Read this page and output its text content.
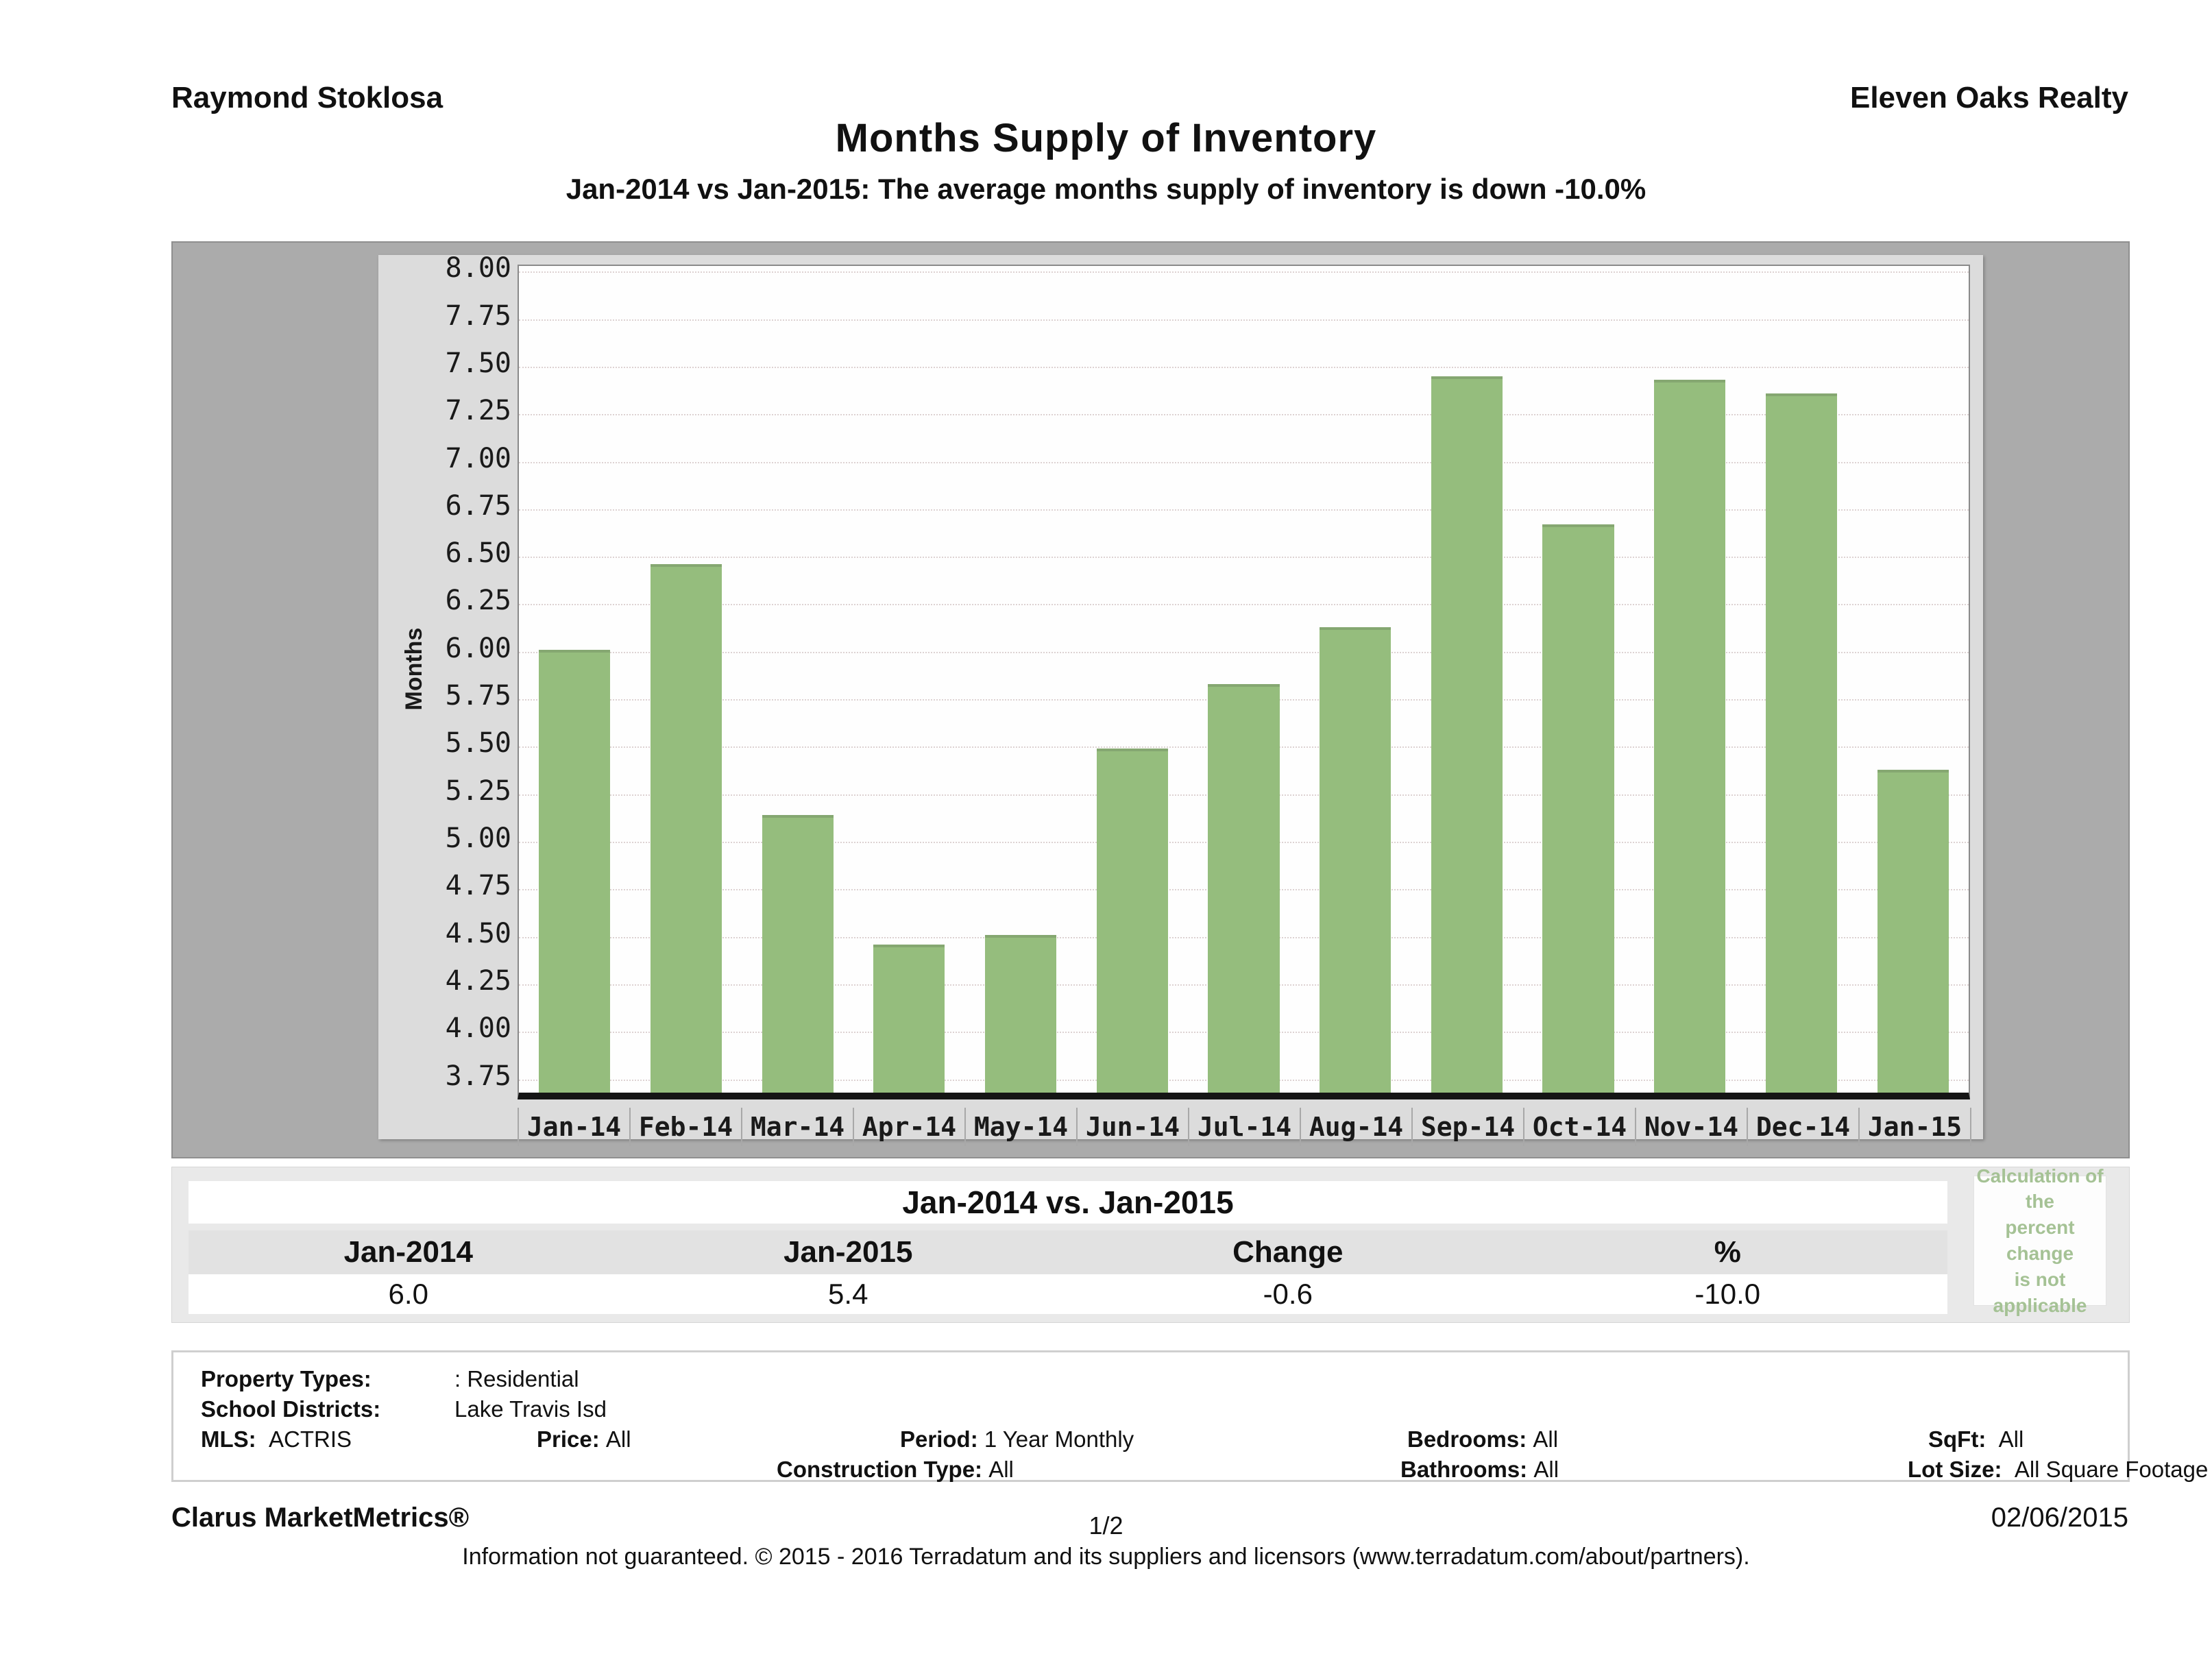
Raymond Stoklosa	Eleven Oaks Realty
Months Supply of Inventory
Jan-2014 vs Jan-2015: The average months supply of inventory is down -10.0%
Months
8.00
7.75
7.50
7.25
7.00
6.75
6.50
6.25
6.00
5.75
5.50
5.25
5.00
4.75
4.50
4.25
4.00
3.75
Jan-14 Feb-14 Mar-14 Apr-14 May-14 Jun-14 Jul-14 Aug-14 Sep-14 Oct-14 Nov-14 Dec-14 Jan-15
Jan-2014 vs. Jan-2015
Jan-2014	Jan-2015	Change	%
6.0	5.4	-0.6	-10.0
Calculation of the
percent change
is not applicable
Property Types:	: Residential
School Districts:	Lake Travis Isd
MLS: ACTRIS	Price: All	Period: 1 Year Monthly	Bedrooms: All	SqFt: All
Construction Type: All	Bathrooms: All	Lot Size: All Square Footage
Clarus MarketMetrics®	1/2	02/06/2015
Information not guaranteed. © 2015 - 2016 Terradatum and its suppliers and licensors (www.terradatum.com/about/partners).
